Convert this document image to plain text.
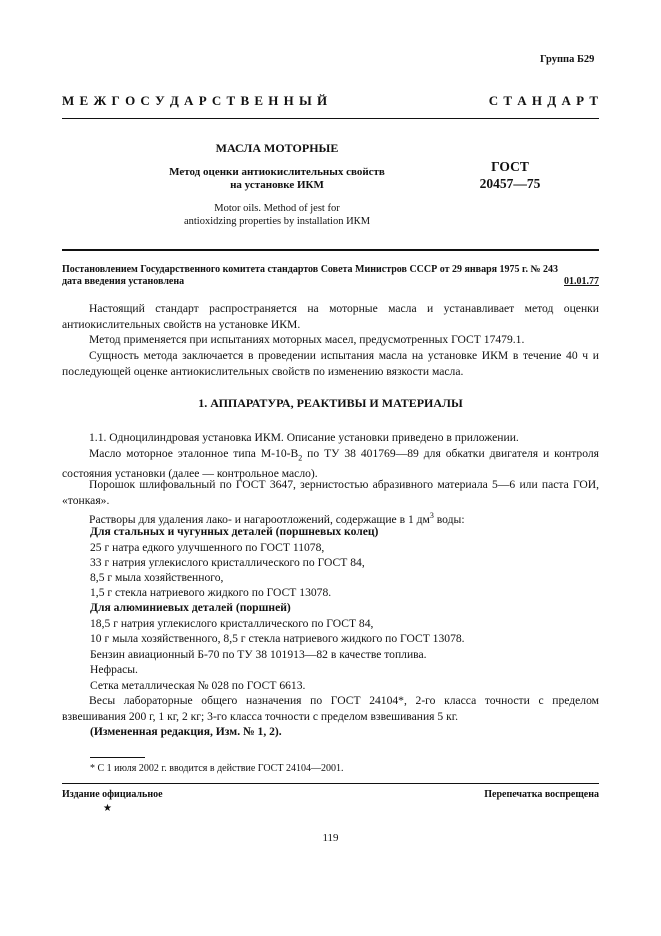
Группа Б29
М Е Ж Г О С У Д А Р С Т В Е Н Н Ы Й	С Т А Н Д А Р Т
МАСЛА МОТОРНЫЕ
Метод оценки антиокислительных свойств
на установке ИКМ
Motor oils. Method of jest for
antioxidzing properties by installation ИКМ
ГОСТ
20457—75
Постановлением Государственного комитета стандартов Совета Министров СССР от 29 января 1975 г. № 243
дата введения установлена	01.01.77
Настоящий стандарт распространяется на моторные масла и устанавливает метод оценки антиокислительных свойств на установке ИКМ.
Метод применяется при испытаниях моторных масел, предусмотренных ГОСТ 17479.1.
Сущность метода заключается в проведении испытания масла на установке ИКМ в течение 40 ч и последующей оценке антиокислительных свойств по изменению вязкости масла.
1. АППАРАТУРА, РЕАКТИВЫ И МАТЕРИАЛЫ
1.1. Одноцилиндровая установка ИКМ. Описание установки приведено в приложении.
Масло моторное эталонное типа $М-10-В_2$ по ТУ 38 401769—89 для обкатки двигателя и контроля состояния установки (далее — контрольное масло).
Порошок шлифовальный по ГОСТ 3647, зернистостью абразивного материала 5—6 или паста ГОИ, «тонкая».
Растворы для удаления лако- и нагароотложений, содержащие в 1 $дм^3$ воды:
Для стальных и чугунных деталей (поршневых колец)
25 г натра едкого улучшенного по ГОСТ 11078,
33 г натрия углекислого кристаллического по ГОСТ 84,
8,5 г мыла хозяйственного,
1,5 г стекла натриевого жидкого по ГОСТ 13078.
Для алюминиевых деталей (поршней)
18,5 г натрия углекислого кристаллического по ГОСТ 84,
10 г мыла хозяйственного, 8,5 г стекла натриевого жидкого по ГОСТ 13078.
Бензин авиационный Б-70 по ТУ 38 101913—82 в качестве топлива.
Нефрасы.
Сетка металлическая № 028 по ГОСТ 6613.
Весы лабораторные общего назначения по ГОСТ 24104*, 2-го класса точности с пределом взвешивания 200 г, 1 кг, 2 кг; 3-го класса точности с пределом взвешивания 5 кг.
(Измененная редакция, Изм. № 1, 2).
* С 1 июля 2002 г. вводится в действие ГОСТ 24104—2001.
Издание официальное
★
Перепечатка воспрещена
119
